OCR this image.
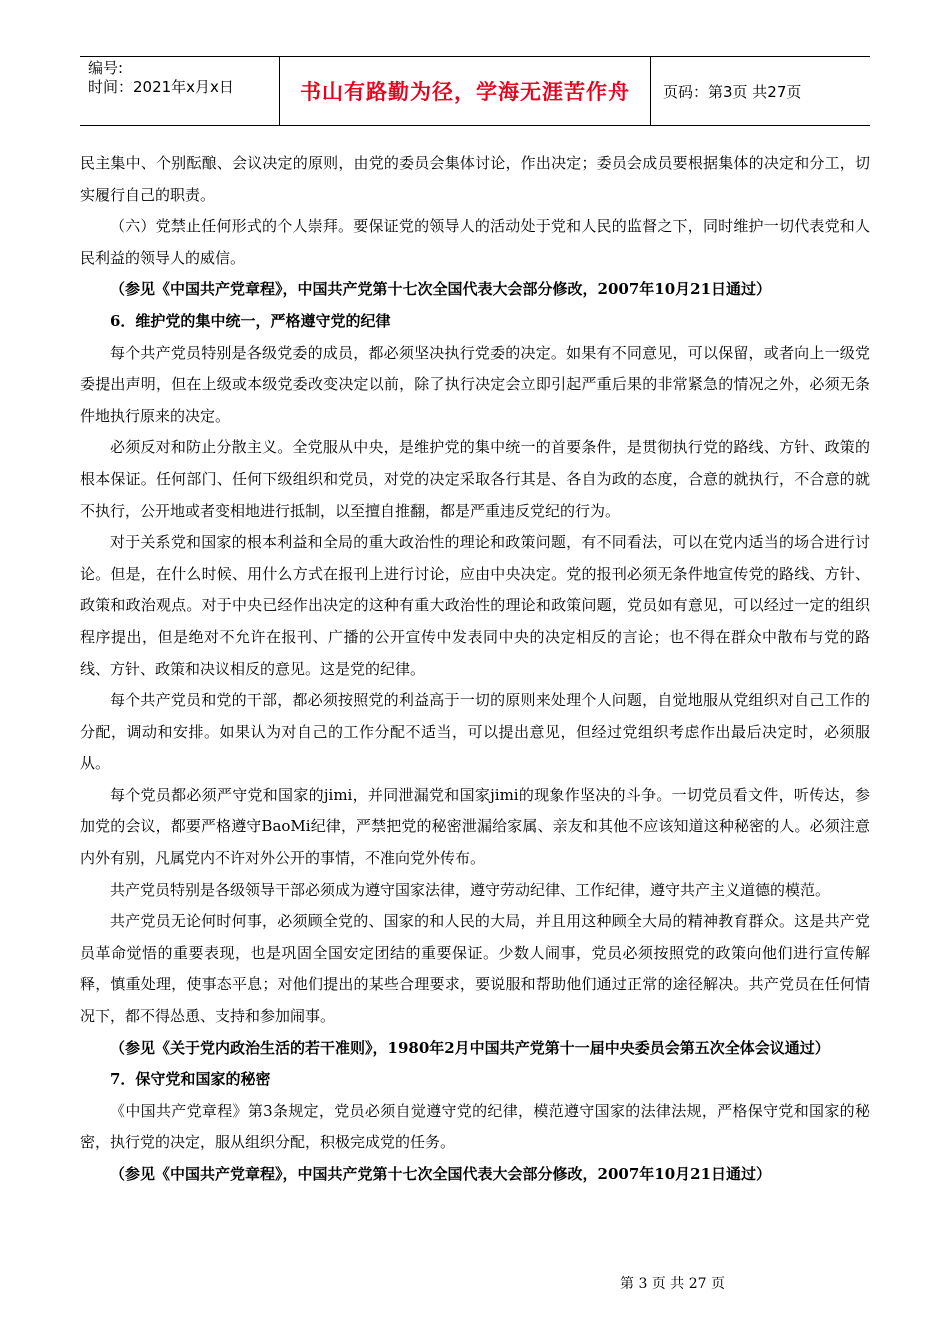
编号:
时间：2021年x月x日	书山有路勤为径，学海无涯苦作舟	页码：第3页 共27页

民主集中、个别酝酿、会议决定的原则，由党的委员会集体讨论，作出决定；委员会成员要根据集体的决定和分工，切实履行自己的职责。

（六）党禁止任何形式的个人崇拜。要保证党的领导人的活动处于党和人民的监督之下，同时维护一切代表党和人民利益的领导人的威信。

（参见《中国共产党章程》，中国共产党第十七次全国代表大会部分修改，2007年10月21日通过）

6．维护党的集中统一，严格遵守党的纪律

每个共产党员特别是各级党委的成员，都必须坚决执行党委的决定。如果有不同意见，可以保留，或者向上一级党委提出声明，但在上级或本级党委改变决定以前，除了执行决定会立即引起严重后果的非常紧急的情况之外，必须无条件地执行原来的决定。

必须反对和防止分散主义。全党服从中央，是维护党的集中统一的首要条件，是贯彻执行党的路线、方针、政策的根本保证。任何部门、任何下级组织和党员，对党的决定采取各行其是、各自为政的态度，合意的就执行，不合意的就不执行，公开地或者变相地进行抵制，以至擅自推翻，都是严重违反党纪的行为。

对于关系党和国家的根本利益和全局的重大政治性的理论和政策问题，有不同看法，可以在党内适当的场合进行讨论。但是，在什么时候、用什么方式在报刊上进行讨论，应由中央决定。党的报刊必须无条件地宣传党的路线、方针、政策和政治观点。对于中央已经作出决定的这种有重大政治性的理论和政策问题，党员如有意见，可以经过一定的组织程序提出，但是绝对不允许在报刊、广播的公开宣传中发表同中央的决定相反的言论；也不得在群众中散布与党的路线、方针、政策和决议相反的意见。这是党的纪律。

每个共产党员和党的干部，都必须按照党的利益高于一切的原则来处理个人问题，自觉地服从党组织对自己工作的分配，调动和安排。如果认为对自己的工作分配不适当，可以提出意见，但经过党组织考虑作出最后决定时，必须服从。

每个党员都必须严守党和国家的jimi，并同泄漏党和国家jimi的现象作坚决的斗争。一切党员看文件，听传达，参加党的会议，都要严格遵守BaoMi纪律，严禁把党的秘密泄漏给家属、亲友和其他不应该知道这种秘密的人。必须注意内外有别，凡属党内不许对外公开的事情，不准向党外传布。

共产党员特别是各级领导干部必须成为遵守国家法律，遵守劳动纪律、工作纪律，遵守共产主义道德的模范。

共产党员无论何时何事，必须顾全党的、国家的和人民的大局，并且用这种顾全大局的精神教育群众。这是共产党员革命觉悟的重要表现，也是巩固全国安定团结的重要保证。少数人闹事，党员必须按照党的政策向他们进行宣传解释，慎重处理，使事态平息；对他们提出的某些合理要求，要说服和帮助他们通过正常的途径解决。共产党员在任何情况下，都不得怂恿、支持和参加闹事。

（参见《关于党内政治生活的若干准则》，1980年2月中国共产党第十一届中央委员会第五次全体会议通过）

7．保守党和国家的秘密

《中国共产党章程》第3条规定，党员必须自觉遵守党的纪律，模范遵守国家的法律法规，严格保守党和国家的秘密，执行党的决定，服从组织分配，积极完成党的任务。

（参见《中国共产党章程》，中国共产党第十七次全国代表大会部分修改，2007年10月21日通过）

第 3 页 共 27 页
